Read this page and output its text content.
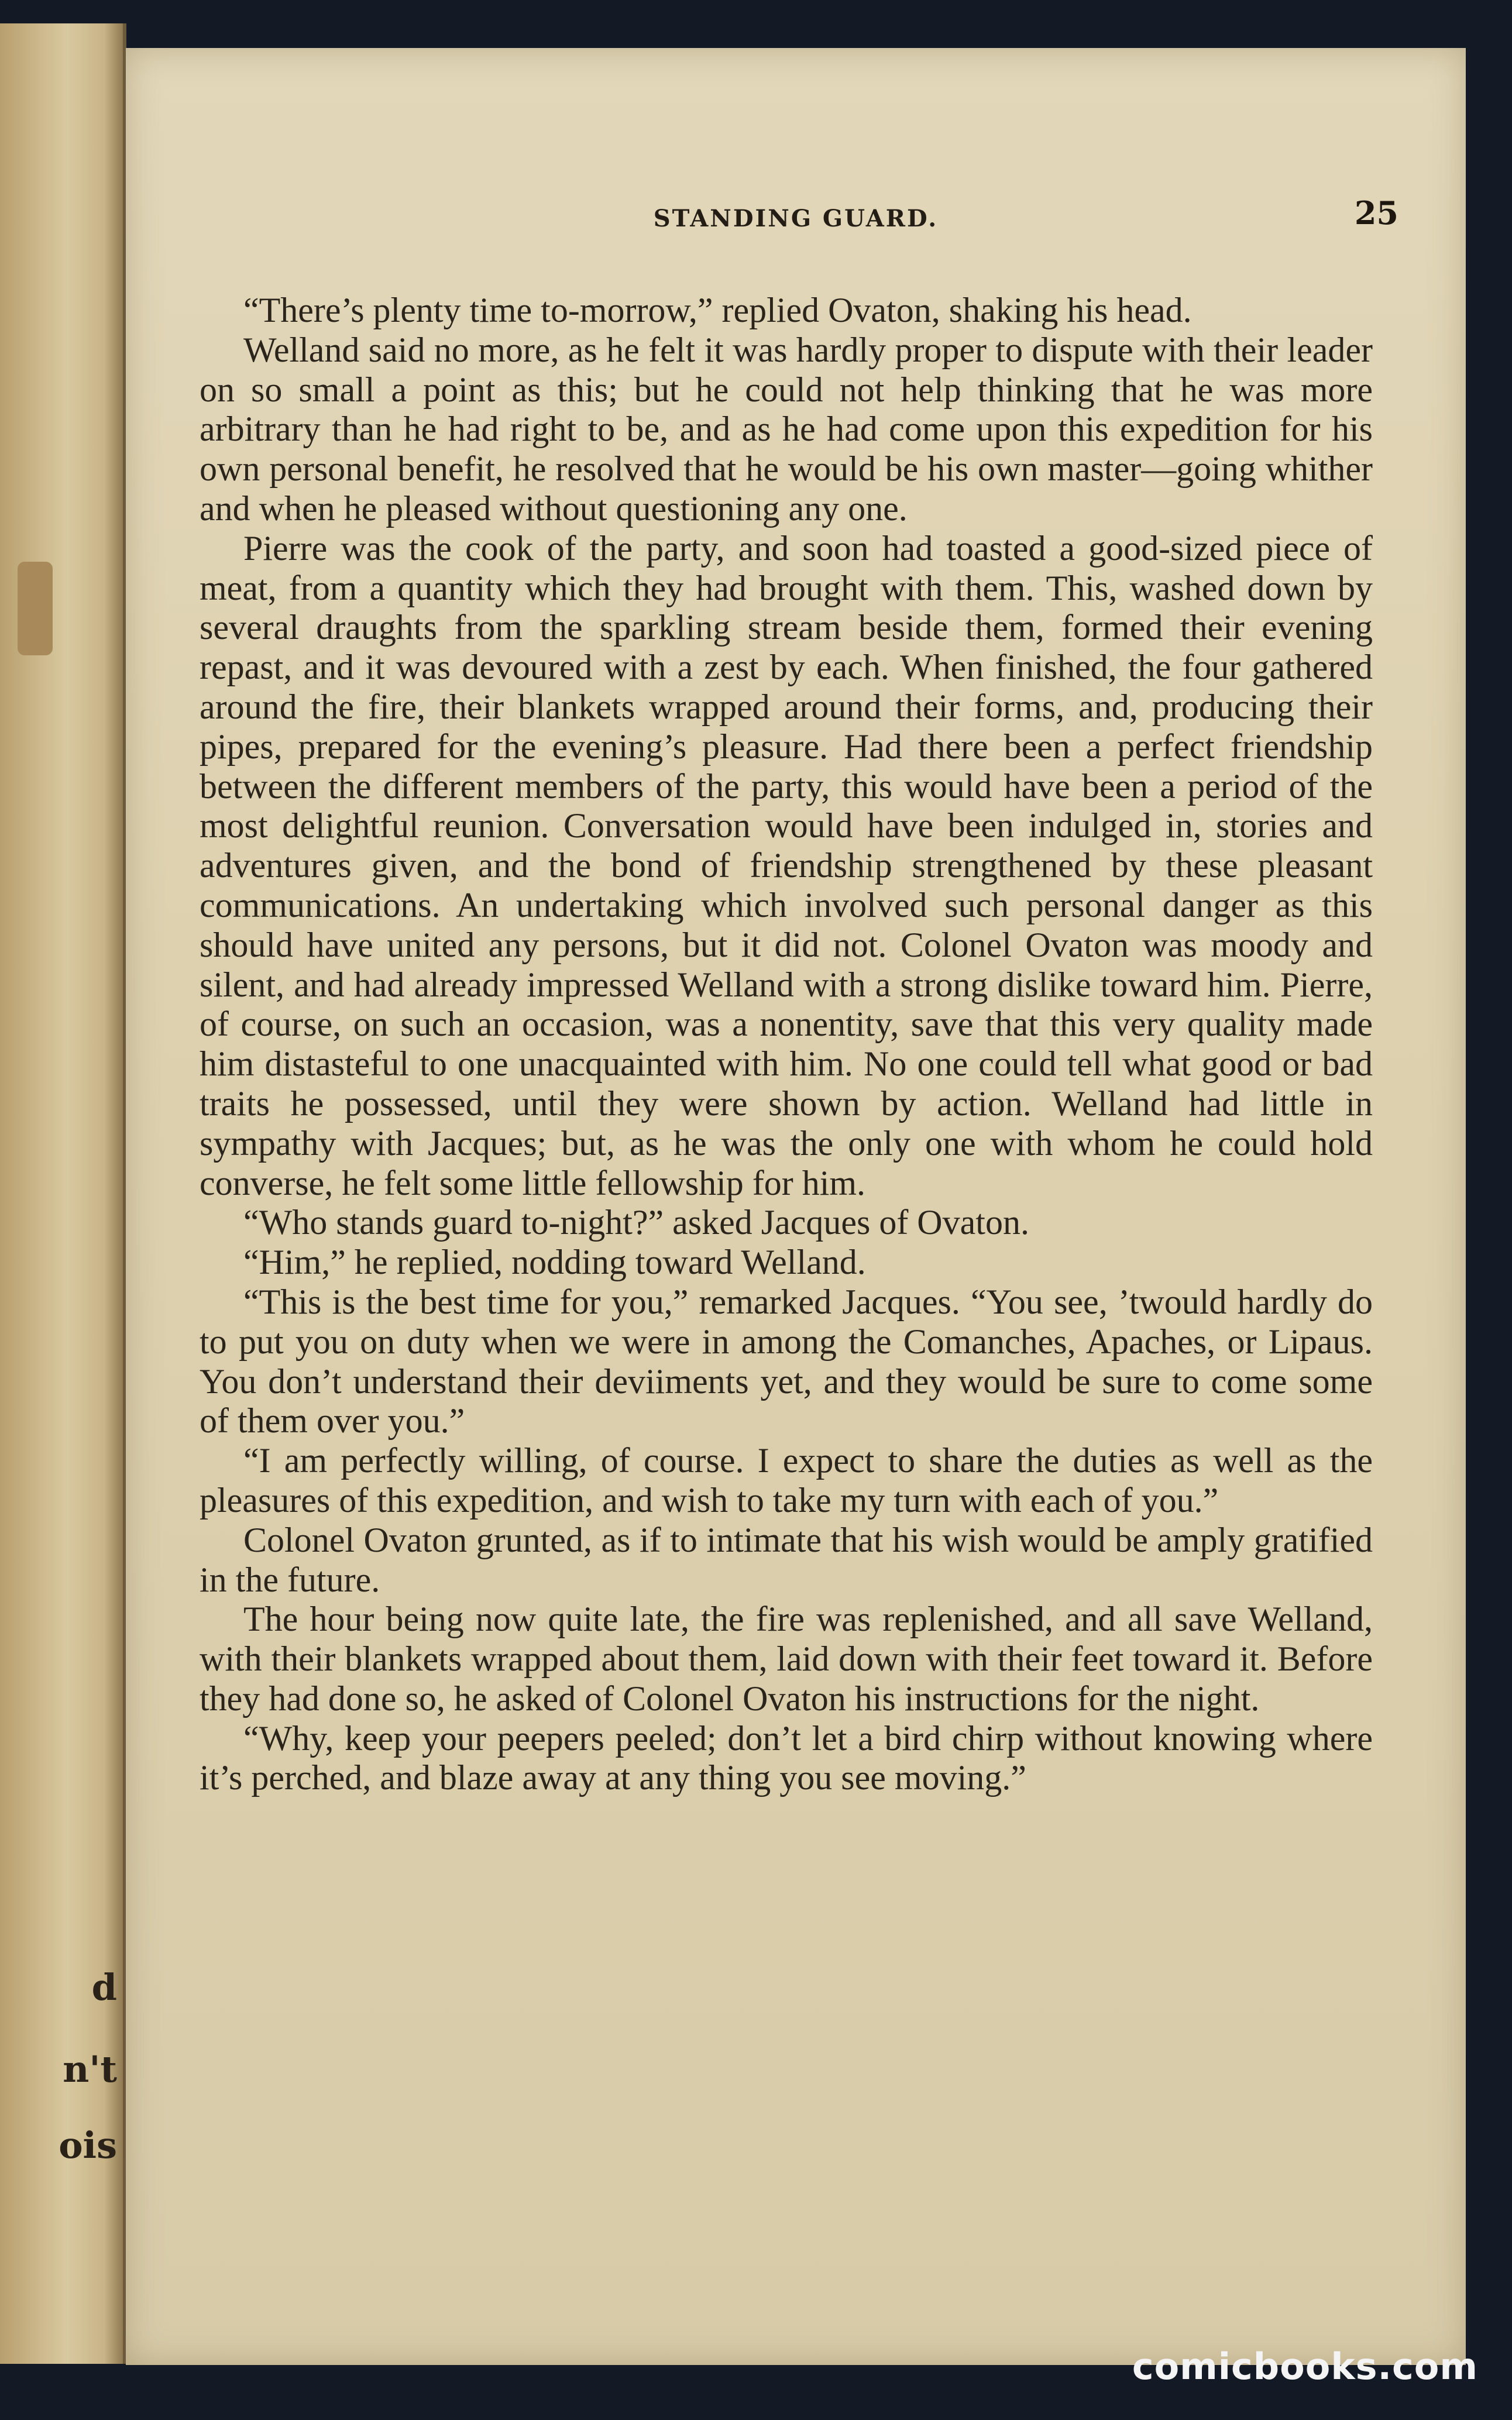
d
n't
ois
STANDING GUARD.	25

“There’s plenty time to-morrow,” replied Ovaton, shaking his head.

Welland said no more, as he felt it was hardly proper to dispute with their leader on so small a point as this; but he could not help thinking that he was more arbitrary than he had right to be, and as he had come upon this expedition for his own personal benefit, he resolved that he would be his own master—going whither and when he pleased without questioning any one.

Pierre was the cook of the party, and soon had toasted a good-sized piece of meat, from a quantity which they had brought with them. This, washed down by several draughts from the sparkling stream beside them, formed their evening repast, and it was devoured with a zest by each. When finished, the four gathered around the fire, their blankets wrapped around their forms, and, producing their pipes, prepared for the evening’s pleasure. Had there been a perfect friendship between the different members of the party, this would have been a period of the most delightful reunion. Conversation would have been indulged in, stories and adventures given, and the bond of friendship strengthened by these pleasant communications. An undertaking which involved such personal danger as this should have united any persons, but it did not. Colonel Ovaton was moody and silent, and had already impressed Welland with a strong dislike toward him. Pierre, of course, on such an occasion, was a nonentity, save that this very quality made him distasteful to one unacquainted with him. No one could tell what good or bad traits he possessed, until they were shown by action. Welland had little in sympathy with Jacques; but, as he was the only one with whom he could hold converse, he felt some little fellowship for him.

“Who stands guard to-night?” asked Jacques of Ovaton.

“Him,” he replied, nodding toward Welland.

“This is the best time for you,” remarked Jacques. “You see, ’twould hardly do to put you on duty when we were in among the Comanches, Apaches, or Lipaus. You don’t understand their deviiments yet, and they would be sure to come some of them over you.”

“I am perfectly willing, of course. I expect to share the duties as well as the pleasures of this expedition, and wish to take my turn with each of you.”

Colonel Ovaton grunted, as if to intimate that his wish would be amply gratified in the future.

The hour being now quite late, the fire was replenished, and all save Welland, with their blankets wrapped about them, laid down with their feet toward it. Before they had done so, he asked of Colonel Ovaton his instructions for the night.

“Why, keep your peepers peeled; don’t let a bird chirp without knowing where it’s perched, and blaze away at any thing you see moving.”

comicbooks.com
